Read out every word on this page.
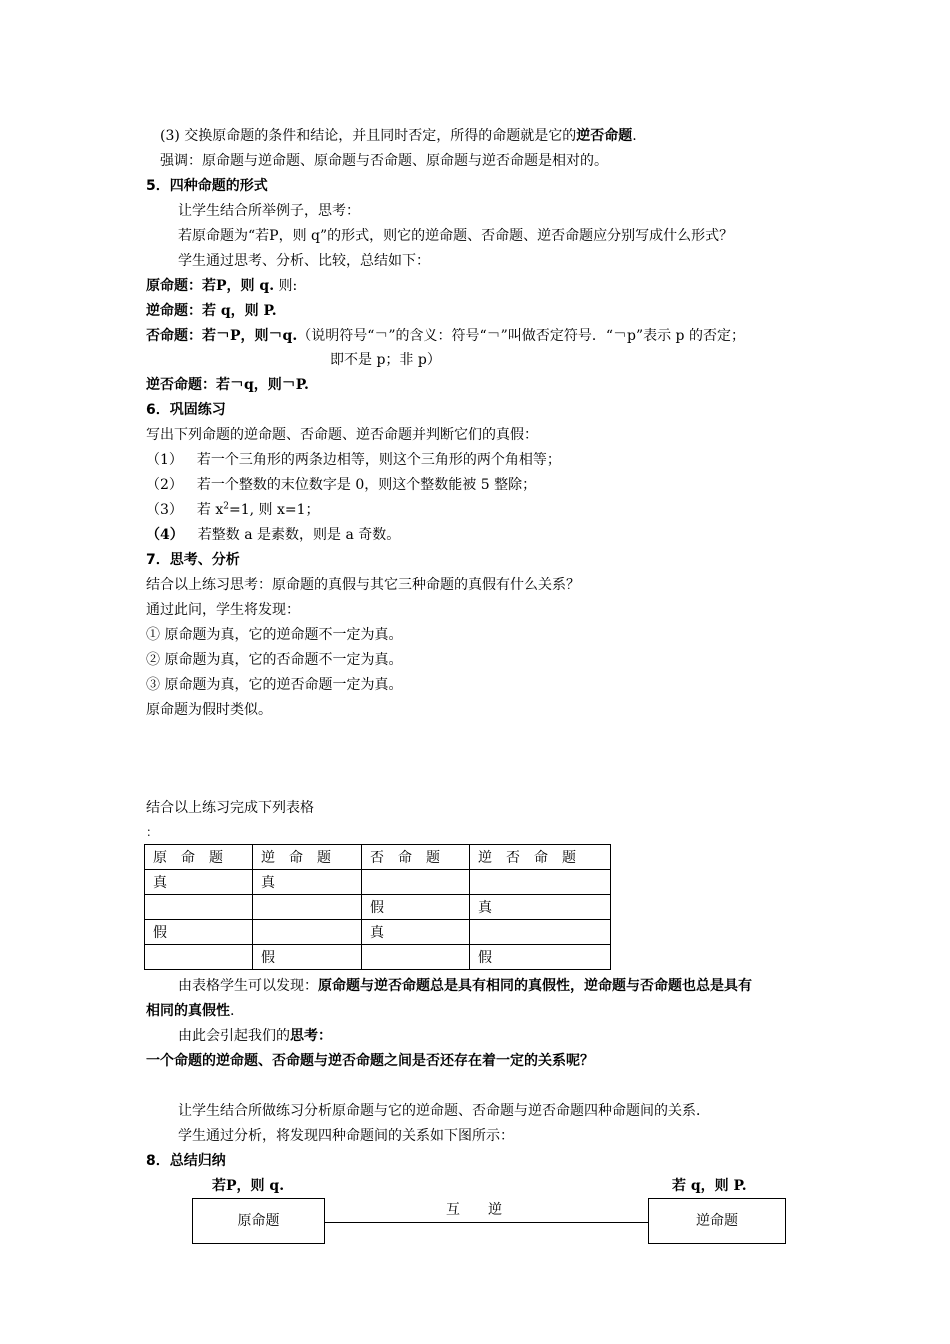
(3) 交换原命题的条件和结论，并且同时否定，所得的命题就是它的逆否命题.
强调：原命题与逆命题、原命题与否命题、原命题与逆否命题是相对的。
5．四种命题的形式
让学生结合所举例子，思考：
若原命题为“若P，则 q”的形式，则它的逆命题、否命题、逆否命题应分别写成什么形式？
学生通过思考、分析、比较，总结如下：
原命题：若P，则 q. 则:
逆命题：若 q，则 P.
否命题：若￢P，则￢q.（说明符号“￢”的含义：符号“￢”叫做否定符号．“￢p”表示 p 的否定；
即不是 p；非 p）
逆否命题：若￢q，则￢P.
6．巩固练习
写出下列命题的逆命题、否命题、逆否命题并判断它们的真假：
（1） 若一个三角形的两条边相等，则这个三角形的两个角相等；
（2） 若一个整数的末位数字是 0，则这个整数能被 5 整除；
（3） 若 $x^2=1$, 则 x=1；
（4） 若整数 a 是素数，则是 a 奇数。
7．思考、分析
结合以上练习思考：原命题的真假与其它三种命题的真假有什么关系？
通过此问，学生将发现：
① 原命题为真，它的逆命题不一定为真。
② 原命题为真，它的否命题不一定为真。
③ 原命题为真，它的逆否命题一定为真。
原命题为假时类似。
结合以上练习完成下列表格
：
原　命　题	逆　命　题	否　命　题	逆　否　命　题
真	真		
		假	真
假		真	
	假		假
由表格学生可以发现：原命题与逆否命题总是具有相同的真假性，逆命题与否命题也总是具有
相同的真假性.
由此会引起我们的思考：
一个命题的逆命题、否命题与逆否命题之间是否还存在着一定的关系呢？
让学生结合所做练习分析原命题与它的逆命题、否命题与逆否命题四种命题间的关系．
学生通过分析，将发现四种命题间的关系如下图所示：
8．总结归纳
若P，则 q.	若 q，则 P.
原命题
互　　逆
逆命题
